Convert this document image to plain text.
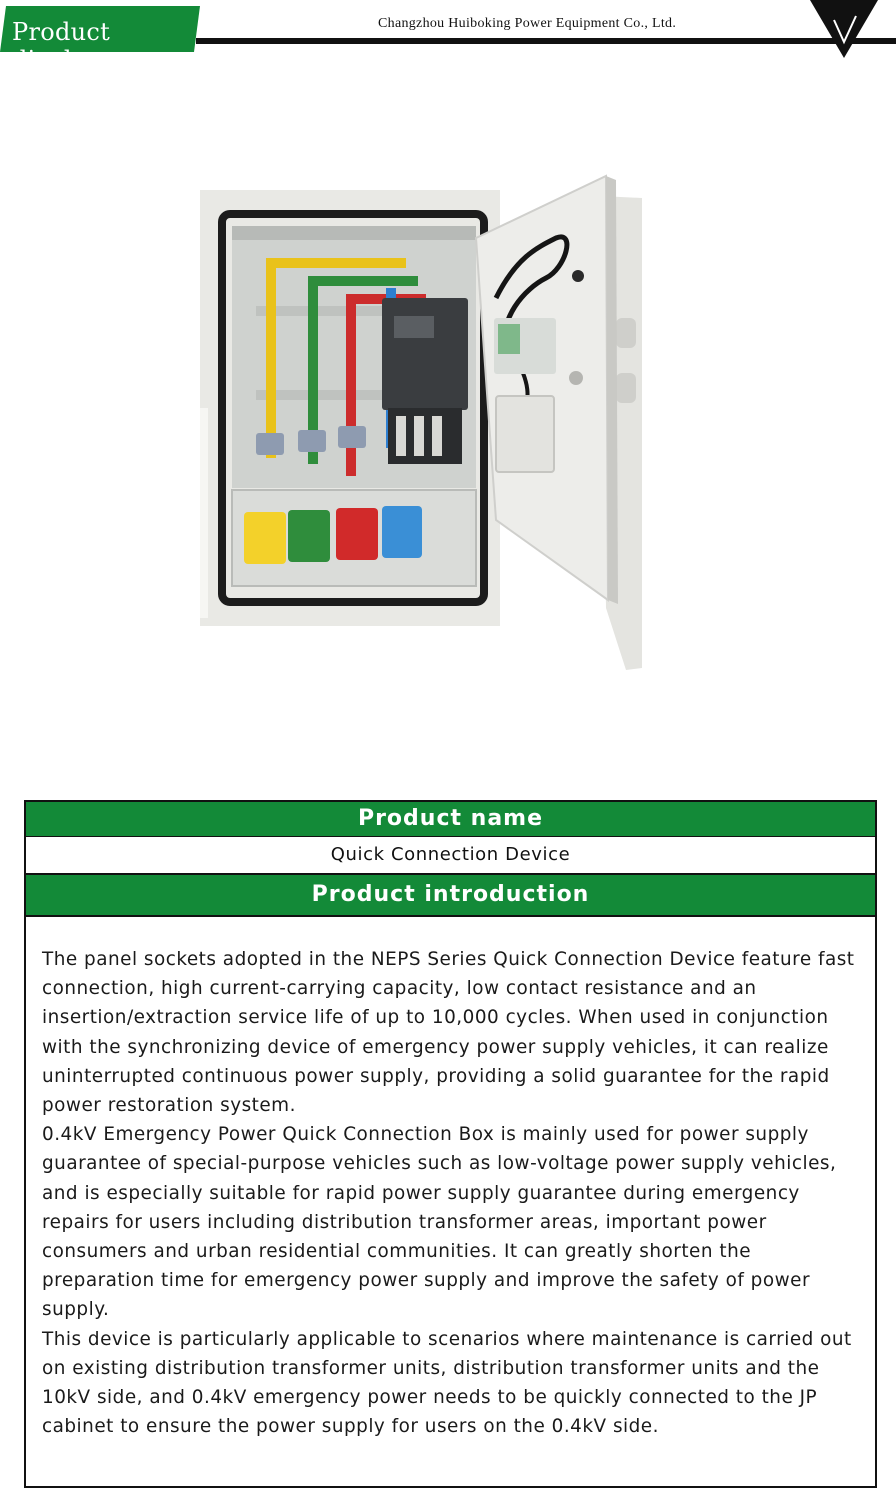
Product display
Changzhou Huiboking Power Equipment Co., Ltd.
Product name
Quick Connection Device
Product introduction

The panel sockets adopted in the NEPS Series Quick Connection Device feature fast connection, high current-carrying capacity, low contact resistance and an insertion/extraction service life of up to 10,000 cycles. When used in conjunction with the synchronizing device of emergency power supply vehicles, it can realize uninterrupted continuous power supply, providing a solid guarantee for the rapid power restoration system.

0.4kV Emergency Power Quick Connection Box is mainly used for power supply guarantee of special-purpose vehicles such as low-voltage power supply vehicles, and is especially suitable for rapid power supply guarantee during emergency repairs for users including distribution transformer areas, important power consumers and urban residential communities. It can greatly shorten the preparation time for emergency power supply and improve the safety of power supply.

This device is particularly applicable to scenarios where maintenance is carried out on existing distribution transformer units, distribution transformer units and the 10kV side, and 0.4kV emergency power needs to be quickly connected to the JP cabinet to ensure the power supply for users on the 0.4kV side.
